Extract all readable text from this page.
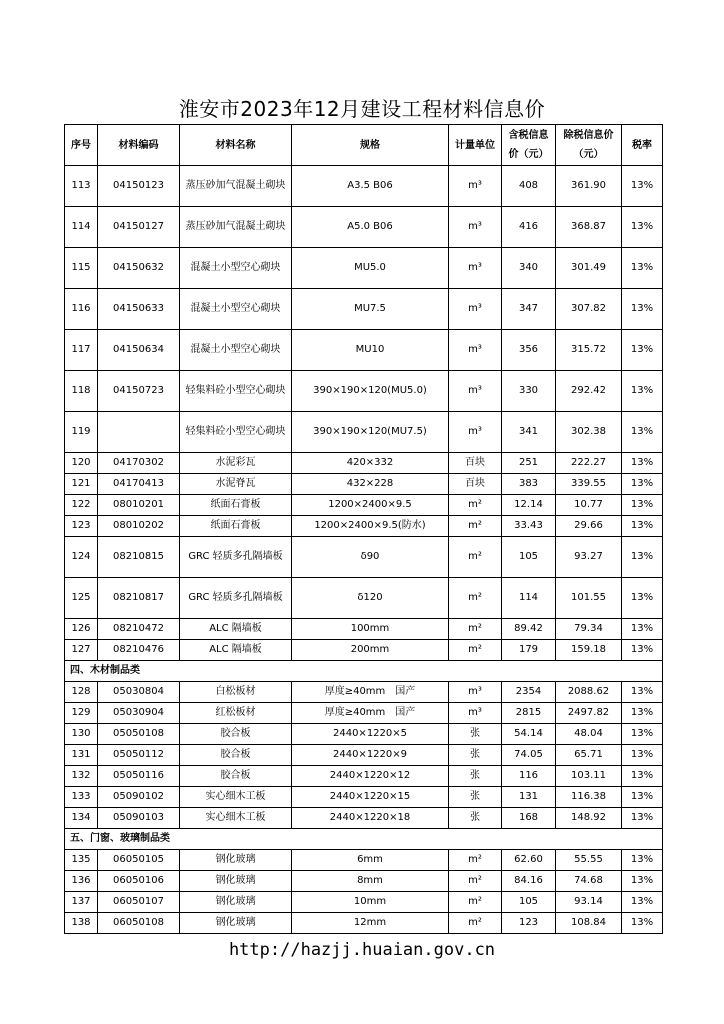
淮安市2023年12月建设工程材料信息价
序号	材料编码	材料名称	规格	计量单位	含税信息价（元）	除税信息价（元）	税率
113	04150123	蒸压砂加气混凝土砌块	A3.5 B06	m³	408	361.90	13%
114	04150127	蒸压砂加气混凝土砌块	A5.0 B06	m³	416	368.87	13%
115	04150632	混凝土小型空心砌块	MU5.0	m³	340	301.49	13%
116	04150633	混凝土小型空心砌块	MU7.5	m³	347	307.82	13%
117	04150634	混凝土小型空心砌块	MU10	m³	356	315.72	13%
118	04150723	轻集料砼小型空心砌块	390×190×120(MU5.0)	m³	330	292.42	13%
119		轻集料砼小型空心砌块	390×190×120(MU7.5)	m³	341	302.38	13%
120	04170302	水泥彩瓦	420×332	百块	251	222.27	13%
121	04170413	水泥脊瓦	432×228	百块	383	339.55	13%
122	08010201	纸面石膏板	1200×2400×9.5	m²	12.14	10.77	13%
123	08010202	纸面石膏板	1200×2400×9.5(防水)	m²	33.43	29.66	13%
124	08210815	GRC 轻质多孔隔墙板	δ90	m²	105	93.27	13%
125	08210817	GRC 轻质多孔隔墙板	δ120	m²	114	101.55	13%
126	08210472	ALC 隔墙板	100mm	m²	89.42	79.34	13%
127	08210476	ALC 隔墙板	200mm	m²	179	159.18	13%
四、木材制品类							
128	05030804	白松板材	厚度≥40mm　国产	m³	2354	2088.62	13%
129	05030904	红松板材	厚度≥40mm　国产	m³	2815	2497.82	13%
130	05050108	胶合板	2440×1220×5	张	54.14	48.04	13%
131	05050112	胶合板	2440×1220×9	张	74.05	65.71	13%
132	05050116	胶合板	2440×1220×12	张	116	103.11	13%
133	05090102	实心细木工板	2440×1220×15	张	131	116.38	13%
134	05090103	实心细木工板	2440×1220×18	张	168	148.92	13%
五、门窗、玻璃制品类							
135	06050105	钢化玻璃	6mm	m²	62.60	55.55	13%
136	06050106	钢化玻璃	8mm	m²	84.16	74.68	13%
137	06050107	钢化玻璃	10mm	m²	105	93.14	13%
138	06050108	钢化玻璃	12mm	m²	123	108.84	13%
http://hazjj.huaian.gov.cn
